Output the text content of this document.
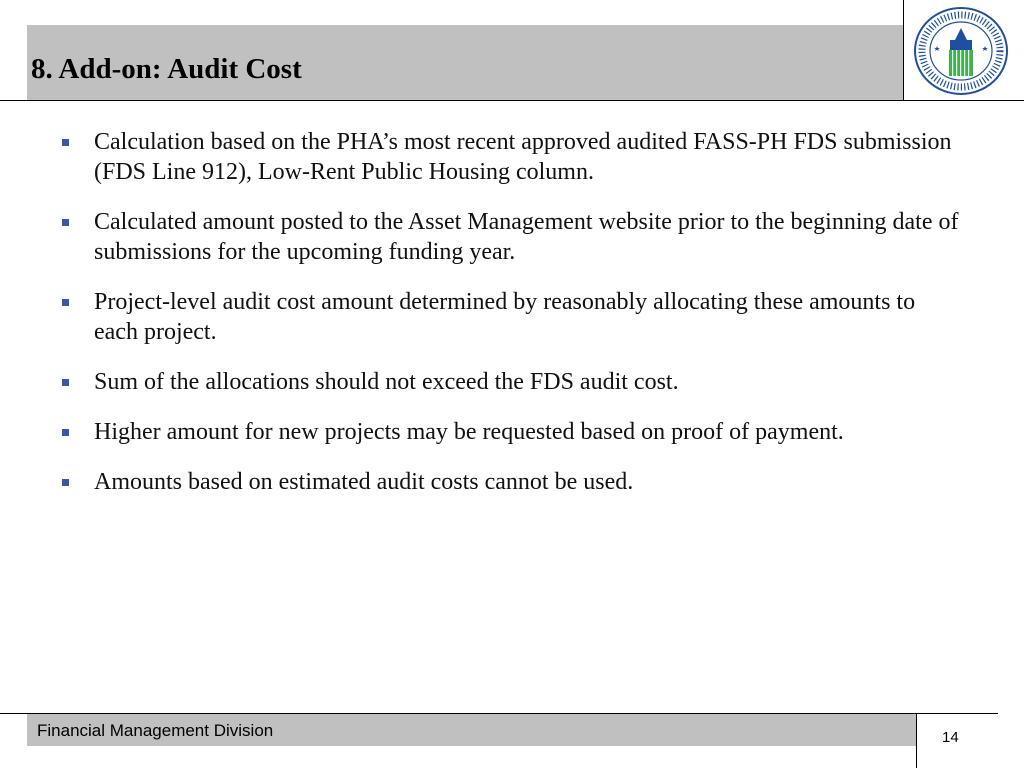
8. Add-on: Audit Cost
Calculation based on the PHA’s most recent approved audited FASS-PH FDS submission (FDS Line 912), Low-Rent Public Housing column.
Calculated amount posted to the Asset Management website prior to the beginning date of submissions for the upcoming funding year.
Project-level audit cost amount determined by reasonably allocating these amounts to each project.
Sum of the allocations should not exceed the FDS audit cost.
Higher amount for new projects may be requested based on proof of payment.
Amounts based on estimated audit costs cannot be used.
Financial Management Division	14
